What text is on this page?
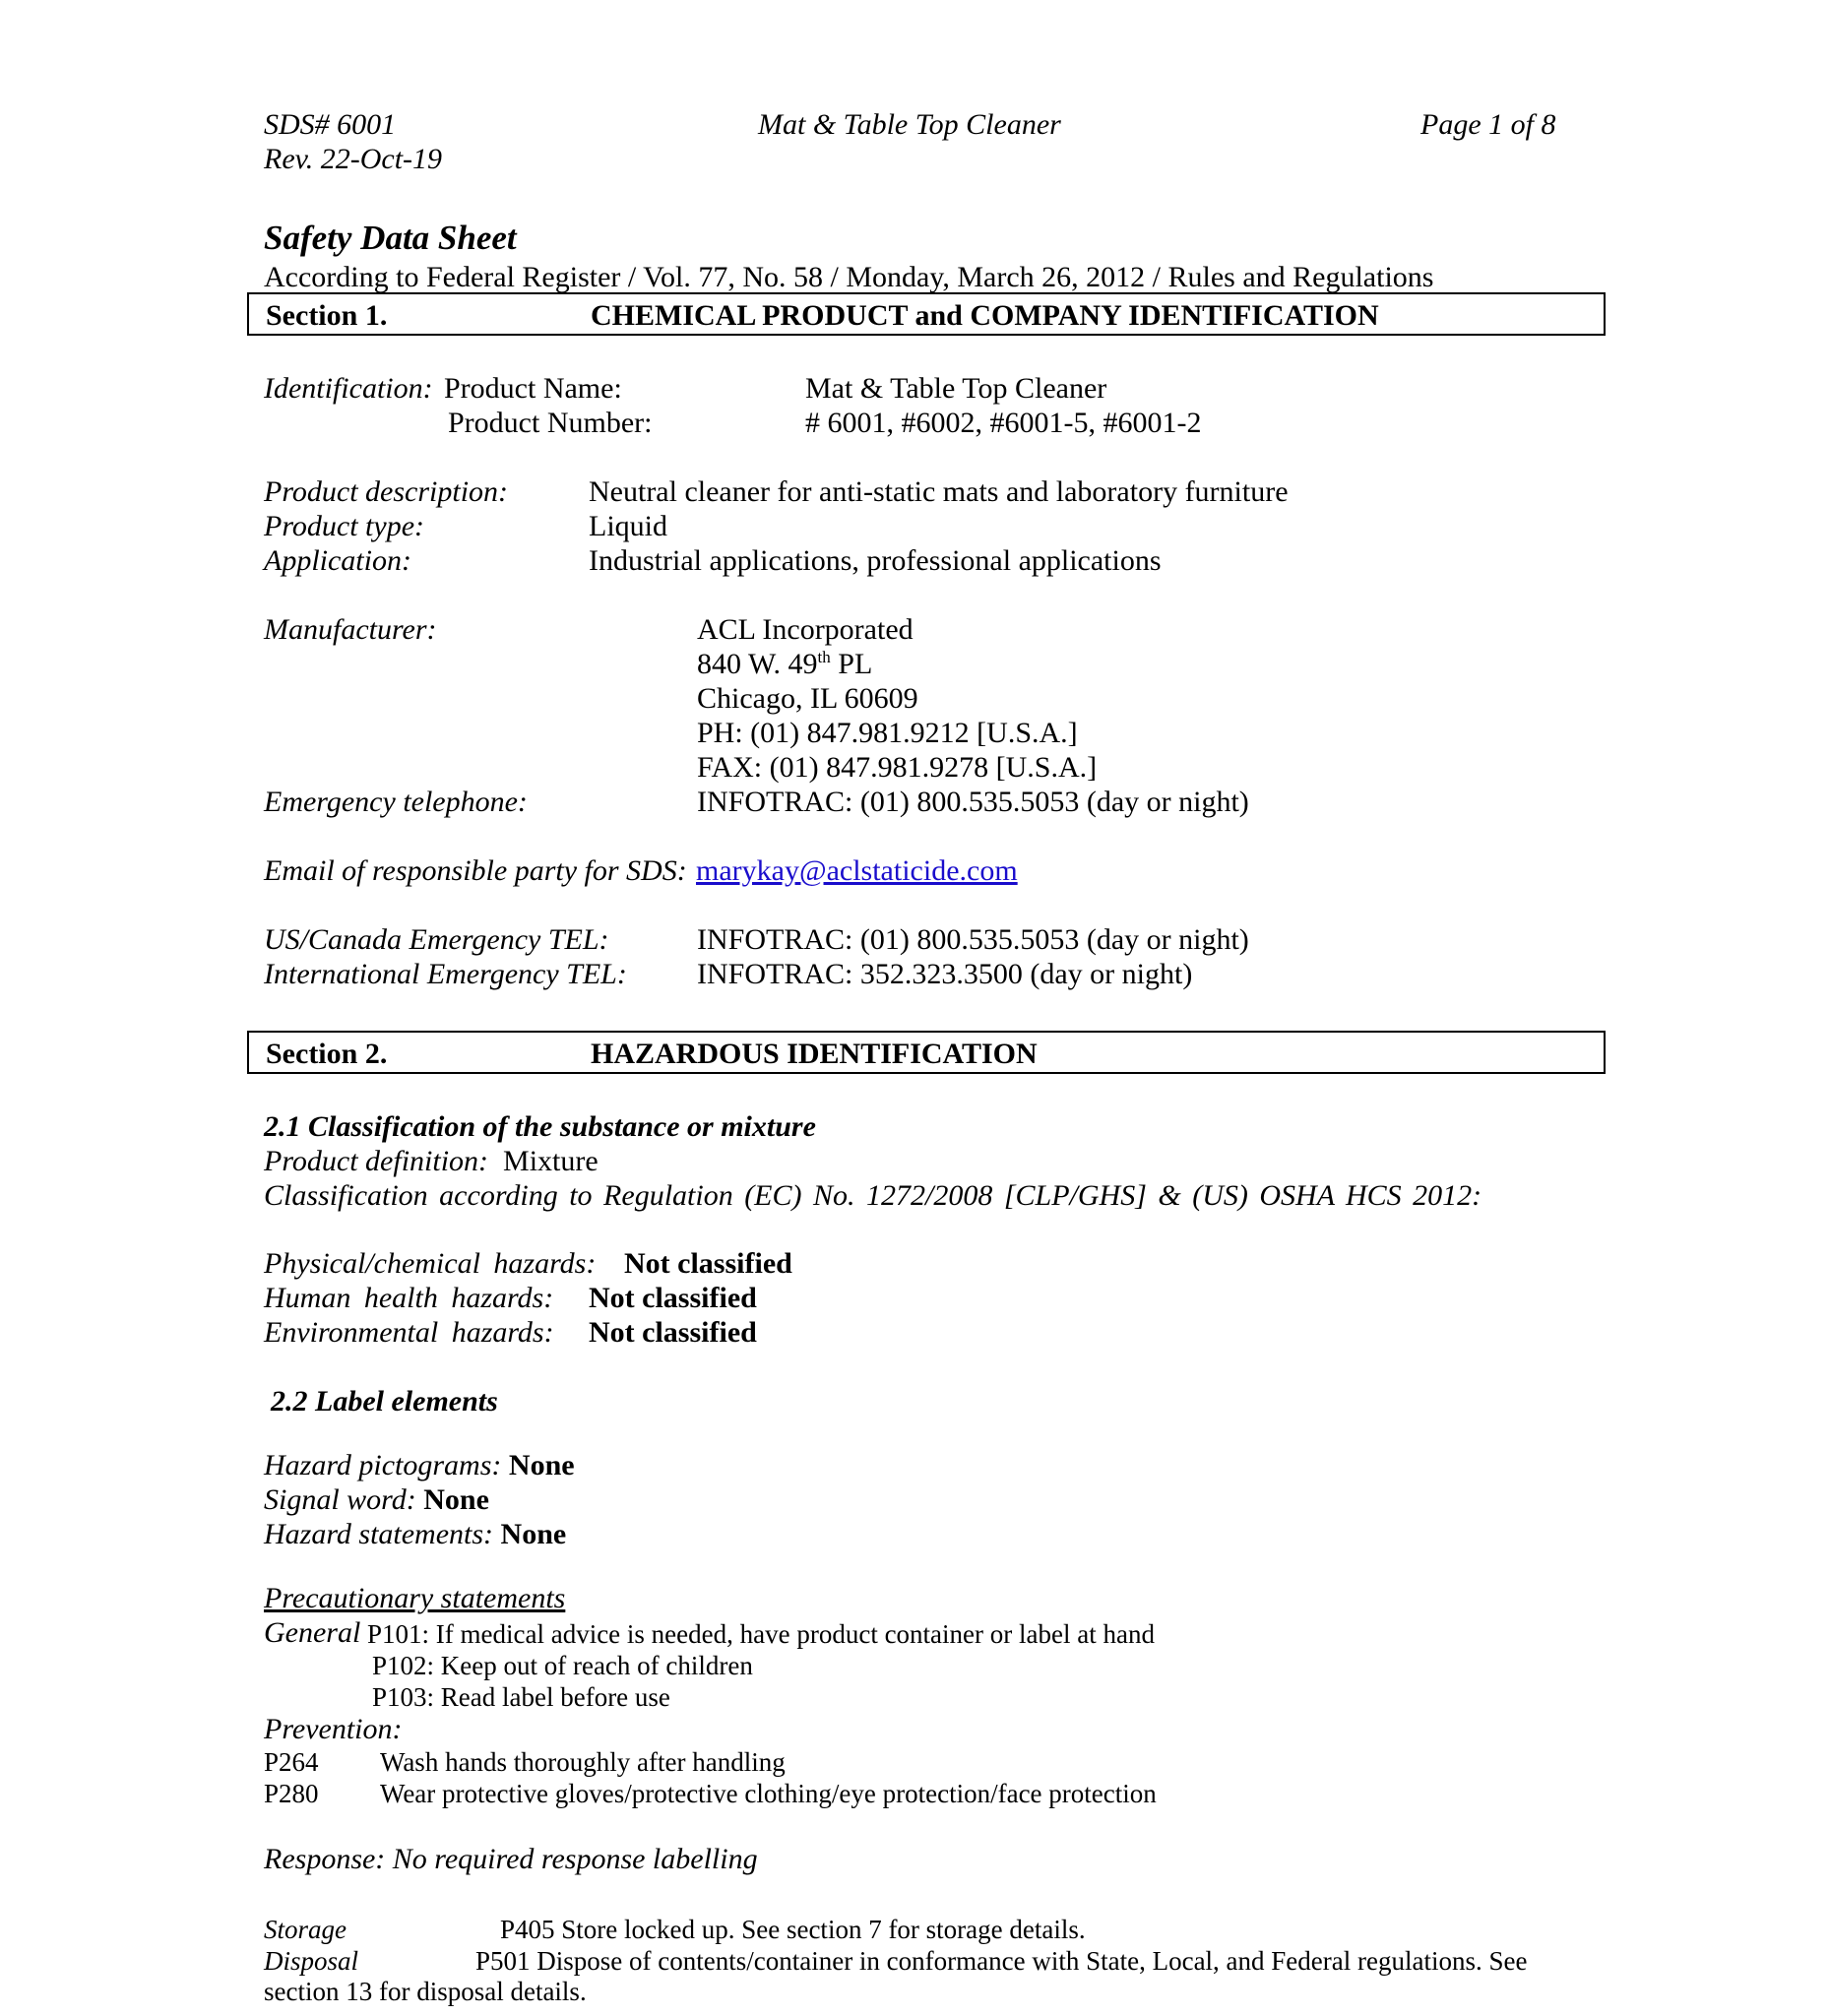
SDS# 6001
Rev. 22-Oct-19
Mat & Table Top Cleaner	Page 1 of 8
Safety Data Sheet
According to Federal Register / Vol. 77, No. 58 / Monday, March 26, 2012 / Rules and Regulations
Section 1.	CHEMICAL PRODUCT and COMPANY IDENTIFICATION
Identification: Product Name:	Mat & Table Top Cleaner
Product Number:	# 6001, #6002, #6001-5, #6001-2
Product description:	Neutral cleaner for anti-static mats and laboratory furniture
Product type:	Liquid
Application:	Industrial applications, professional applications
Manufacturer:	ACL Incorporated
840 W. 49th PL
Chicago, IL 60609
PH: (01) 847.981.9212 [U.S.A.]
FAX: (01) 847.981.9278 [U.S.A.]
Emergency telephone:	INFOTRAC: (01) 800.535.5053 (day or night)
Email of responsible party for SDS: marykay@aclstaticide.com
US/Canada Emergency TEL:	INFOTRAC: (01) 800.535.5053 (day or night)
International Emergency TEL: INFOTRAC: 352.323.3500 (day or night)
Section 2.	HAZARDOUS IDENTIFICATION
2.1 Classification of the substance or mixture
Product definition: Mixture
Classification according to Regulation (EC) No. 1272/2008 [CLP/GHS] & (US) OSHA HCS 2012:
Physical/chemical hazards: Not classified
Human health hazards: Not classified
Environmental hazards: Not classified
2.2 Label elements
Hazard pictograms: None
Signal word: None
Hazard statements: None
Precautionary statements
General P101: If medical advice is needed, have product container or label at hand
P102: Keep out of reach of children
P103: Read label before use
Prevention:
P264 Wash hands thoroughly after handling
P280 Wear protective gloves/protective clothing/eye protection/face protection
Response: No required response labelling
Storage	P405 Store locked up. See section 7 for storage details.
Disposal	P501 Dispose of contents/container in conformance with State, Local, and Federal regulations. See
section 13 for disposal details.
